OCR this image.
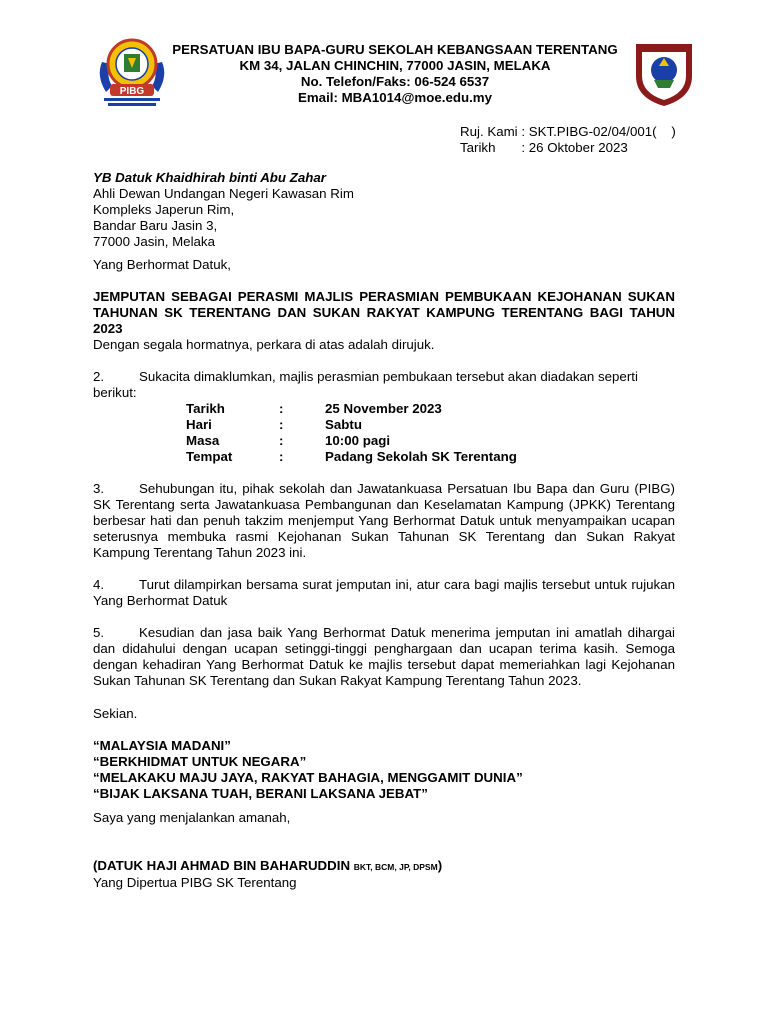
PIBG
PERSATUAN IBU BAPA-GURU SEKOLAH KEBANGSAAN TERENTANG
KM 34, JALAN CHINCHIN, 77000 JASIN, MELAKA
No. Telefon/Faks: 06-524 6537
Email: MBA1014@moe.edu.my
Ruj. Kami : SKT.PIBG-02/04/001(    )
Tarikh       : 26 Oktober 2023
YB Datuk Khaidhirah binti Abu Zahar
Ahli Dewan Undangan Negeri Kawasan Rim
Kompleks Japerun Rim,
Bandar Baru Jasin 3,
77000 Jasin, Melaka
Yang Berhormat Datuk,
JEMPUTAN SEBAGAI PERASMI MAJLIS PERASMIAN PEMBUKAAN KEJOHANAN SUKAN TAHUNAN SK TERENTANG DAN SUKAN RAKYAT KAMPUNG TERENTANG BAGI TAHUN 2023
Dengan segala hormatnya, perkara di atas adalah dirujuk.
2.	Sukacita dimaklumkan, majlis perasmian pembukaan tersebut akan diadakan seperti berikut:
Tarikh	:	25 November 2023
Hari	:	Sabtu
Masa	:	10:00 pagi
Tempat	:	Padang Sekolah SK Terentang
3.	Sehubungan itu, pihak sekolah dan Jawatankuasa Persatuan Ibu Bapa dan Guru (PIBG) SK Terentang serta Jawatankuasa Pembangunan dan Keselamatan Kampung (JPKK) Terentang berbesar hati dan penuh takzim menjemput Yang Berhormat Datuk untuk menyampaikan ucapan seterusnya membuka rasmi Kejohanan Sukan Tahunan SK Terentang dan Sukan Rakyat Kampung Terentang Tahun 2023 ini.
4.	Turut dilampirkan bersama surat jemputan ini, atur cara bagi majlis tersebut untuk rujukan Yang Berhormat Datuk
5.	Kesudian dan jasa baik Yang Berhormat Datuk menerima jemputan ini amatlah dihargai dan didahului dengan ucapan setinggi-tinggi penghargaan dan ucapan terima kasih. Semoga dengan kehadiran Yang Berhormat Datuk ke majlis tersebut dapat memeriahkan lagi Kejohanan Sukan Tahunan SK Terentang dan Sukan Rakyat Kampung Terentang Tahun 2023.
Sekian.
“MALAYSIA MADANI”
“BERKHIDMAT UNTUK NEGARA”
“MELAKAKU MAJU JAYA, RAKYAT BAHAGIA, MENGGAMIT DUNIA”
“BIJAK LAKSANA TUAH, BERANI LAKSANA JEBAT”
Saya yang menjalankan amanah,
(DATUK HAJI AHMAD BIN BAHARUDDIN BKT, BCM, JP, DPSM)
Yang Dipertua PIBG SK Terentang
